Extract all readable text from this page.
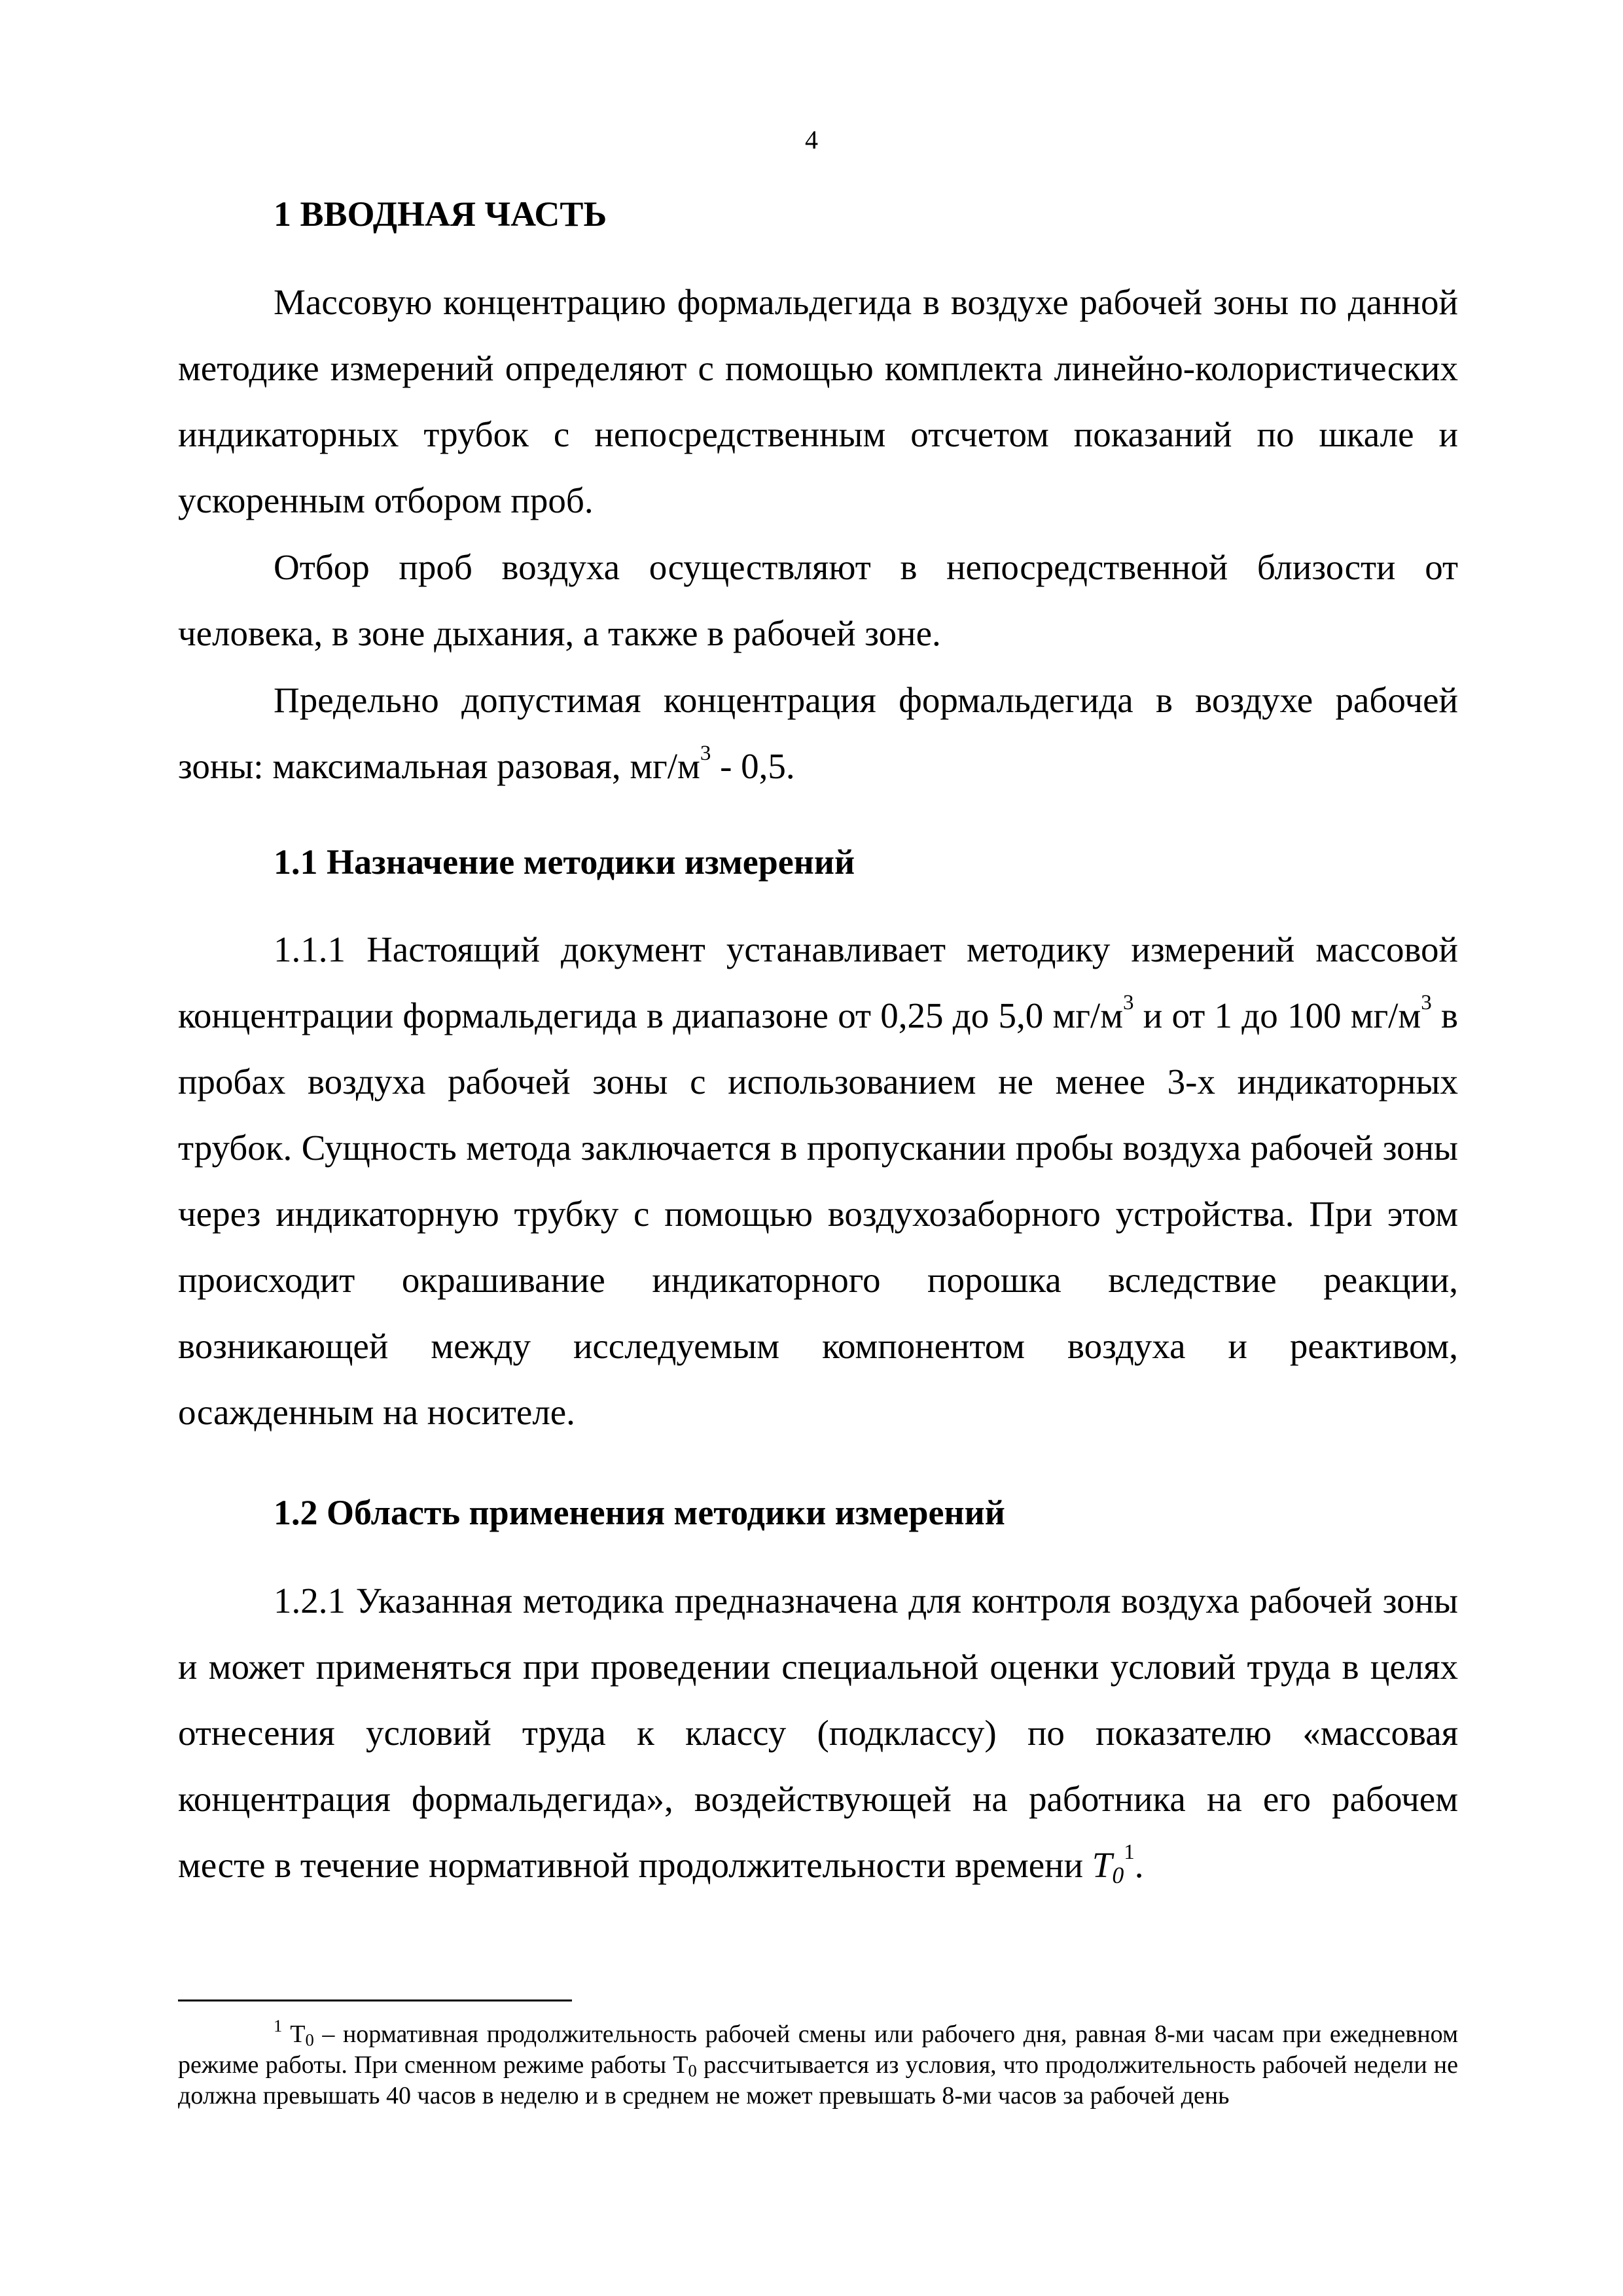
4
1 ВВОДНАЯ ЧАСТЬ

Массовую концентрацию формальдегида в воздухе рабочей зоны по данной методике измерений определяют с помощью комплекта линейно-колористических индикаторных трубок с непосредственным отсчетом показаний по шкале и ускоренным отбором проб.

Отбор проб воздуха осуществляют в непосредственной близости от человека, в зоне дыхания, а также в рабочей зоне.

Предельно допустимая концентрация формальдегида в воздухе рабочей зоны: максимальная разовая, $мг/м^3 - 0,5$.

1.1 Назначение методики измерений

1.1.1 Настоящий документ устанавливает методику измерений массовой концентрации формальдегида в диапазоне от 0,25 до 5,0 $мг/м^3$ и от 1 до 100 $мг/м^3$ в пробах воздуха рабочей зоны с использованием не менее 3-х индикаторных трубок. Сущность метода заключается в пропускании пробы воздуха рабочей зоны через индикаторную трубку с помощью воздухозаборного устройства. При этом происходит окрашивание индикаторного порошка вследствие реакции, возникающей между исследуемым компонентом воздуха и реактивом, осажденным на носителе.

1.2 Область применения методики измерений

1.2.1 Указанная методика предназначена для контроля воздуха рабочей зоны и может применяться при проведении специальной оценки условий труда в целях отнесения условий труда к классу (подклассу) по показателю «массовая концентрация формальдегида», воздействующей на работника на его рабочем месте в течение нормативной продолжительности времени $T_0^1$.

$^1$ $T_0$ – нормативная продолжительность рабочей смены или рабочего дня, равная 8-ми часам при ежедневном режиме работы. При сменном режиме работы $T_0$ рассчитывается из условия, что продолжительность рабочей недели не должна превышать 40 часов в неделю и в среднем не может превышать 8-ми часов за рабочей день
